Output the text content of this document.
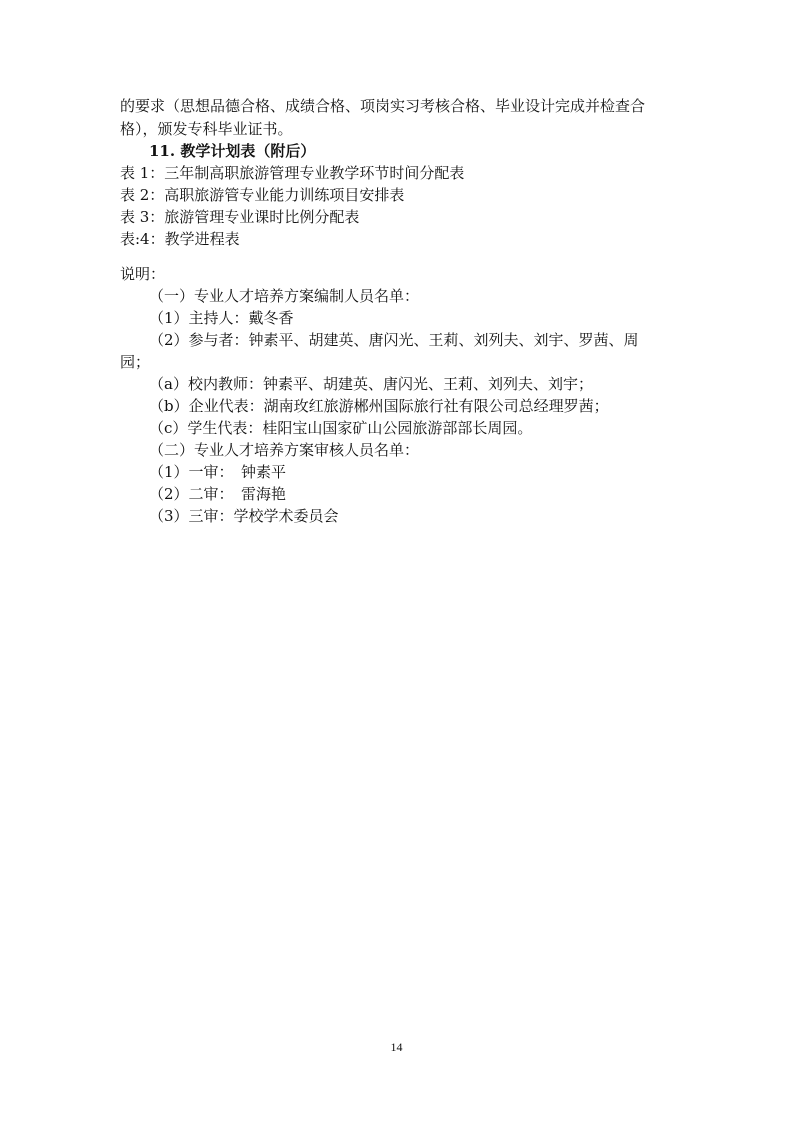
的要求（思想品德合格、成绩合格、项岗实习考核合格、毕业设计完成并检查合
格），颁发专科毕业证书。
11. 教学计划表（附后）
表 1：三年制高职旅游管理专业教学环节时间分配表
表 2：高职旅游管专业能力训练项目安排表
表 3：旅游管理专业课时比例分配表
表:4：教学进程表
说明：
（一）专业人才培养方案编制人员名单：
（1）主持人：戴冬香
（2）参与者：钟素平、胡建英、唐闪光、王莉、刘列夫、刘宇、罗茜、周
园；
（a）校内教师：钟素平、胡建英、唐闪光、王莉、刘列夫、刘宇；
（b）企业代表：湖南玫红旅游郴州国际旅行社有限公司总经理罗茜；
（c）学生代表：桂阳宝山国家矿山公园旅游部部长周园。
（二）专业人才培养方案审核人员名单：
（1）一审：　钟素平
（2）二审：　雷海艳
（3）三审：学校学术委员会
14
